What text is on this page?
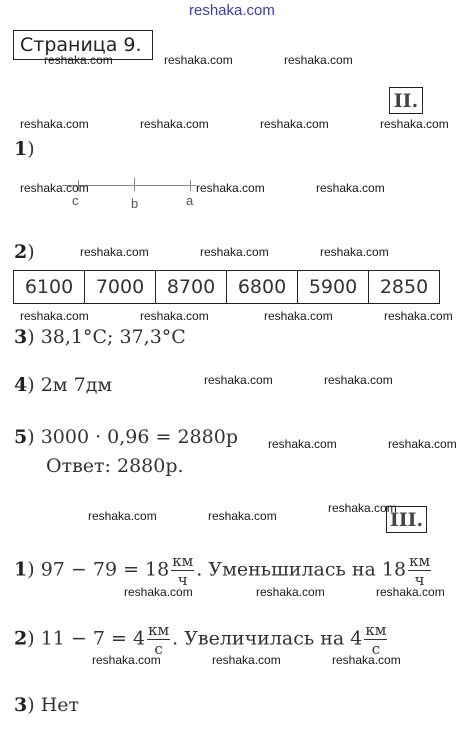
reshaka.com
Страница 9.
reshaka.com	reshaka.com	reshaka.com
II.
reshaka.com	reshaka.com	reshaka.com	reshaka.com
1)
c	b	a
reshaka.com	reshaka.com	reshaka.com
2)	reshaka.com	reshaka.com	reshaka.com
6100	7000	8700	6800	5900	2850
reshaka.com	reshaka.com	reshaka.com	reshaka.com
3) 38,1°C; 37,3°C
reshaka.com	reshaka.com
4) 2м 7дм
5) 3000 · 0,96 = 2880р
Ответ: 2880р.
reshaka.com	reshaka.com
reshaka.com
reshaka.com	reshaka.com	III.
1) $97 - 79 = 18 \frac{км}{ч}$ . Уменьшилась на $18 \frac{км}{ч}$
reshaka.com	reshaka.com	reshaka.com
2) $11 - 7 = 4 \frac{км}{с}$ . Увеличилась на $4 \frac{км}{с}$
reshaka.com	reshaka.com	reshaka.com
3) Нет
